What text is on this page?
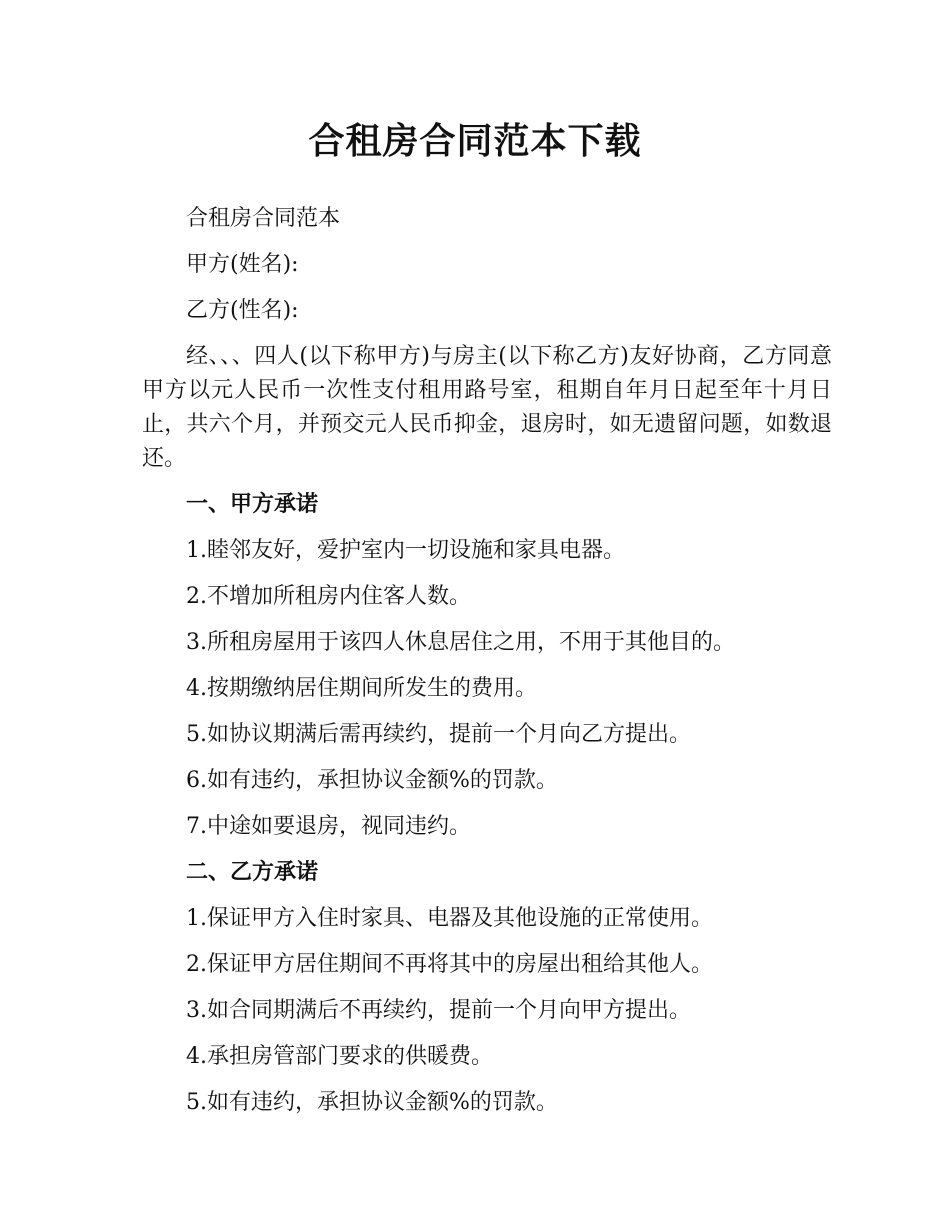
合租房合同范本下载

合租房合同范本

甲方(姓名):

乙方(性名):

经、、、四人(以下称甲方)与房主(以下称乙方)友好协商，乙方同意甲方以元人民币一次性支付租用路号室，租期自年月日起至年十月日止，共六个月，并预交元人民币抑金，退房时，如无遗留问题，如数退还。

一、甲方承诺

1.睦邻友好，爱护室内一切设施和家具电器。

2.不增加所租房内住客人数。

3.所租房屋用于该四人休息居住之用，不用于其他目的。

4.按期缴纳居住期间所发生的费用。

5.如协议期满后需再续约，提前一个月向乙方提出。

6.如有违约，承担协议金额%的罚款。

7.中途如要退房，视同违约。

二、乙方承诺

1.保证甲方入住时家具、电器及其他设施的正常使用。

2.保证甲方居住期间不再将其中的房屋出租给其他人。

3.如合同期满后不再续约，提前一个月向甲方提出。

4.承担房管部门要求的供暖费。

5.如有违约，承担协议金额%的罚款。
